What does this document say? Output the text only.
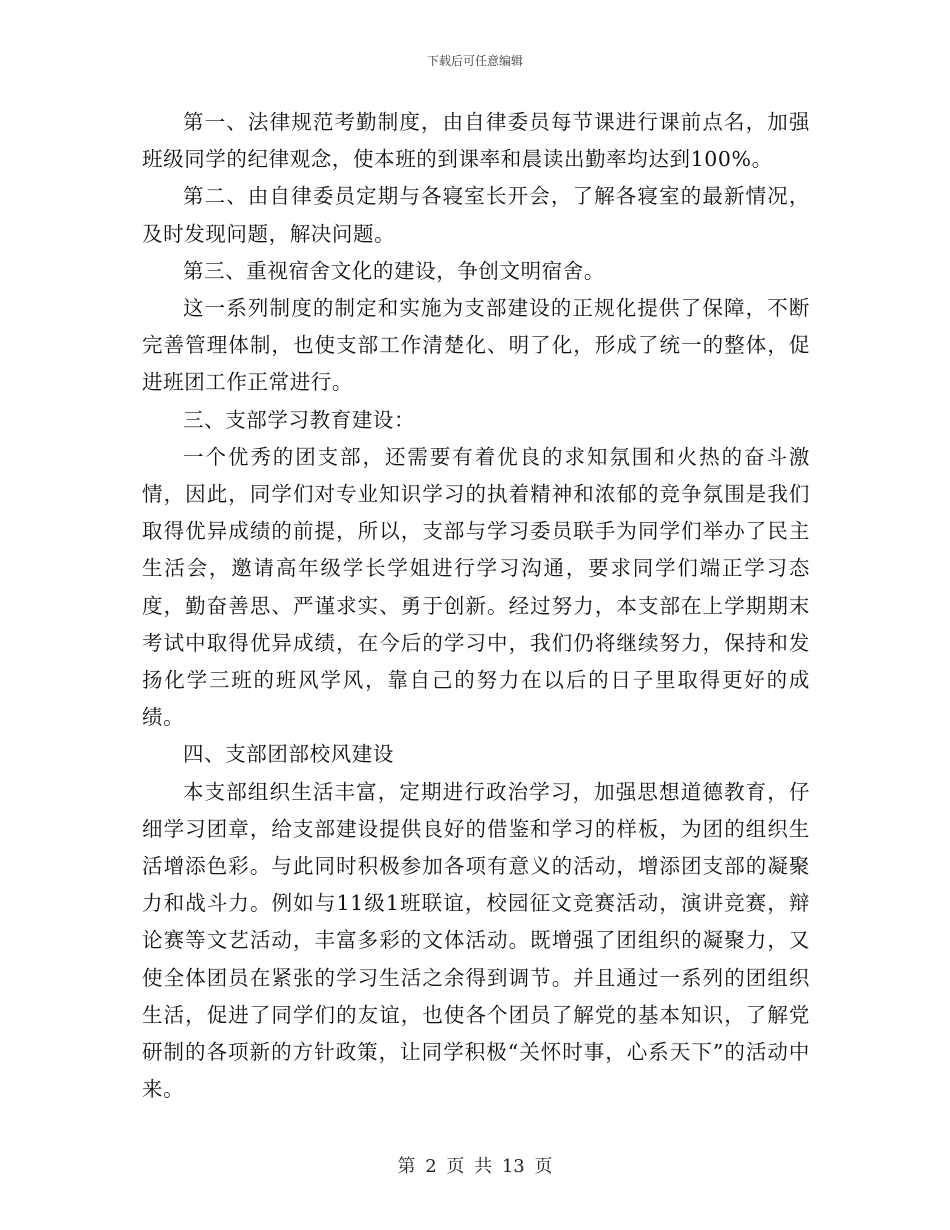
下载后可任意编辑

第一、法律规范考勤制度，由自律委员每节课进行课前点名，加强班级同学的纪律观念，使本班的到课率和晨读出勤率均达到100%。

第二、由自律委员定期与各寝室长开会，了解各寝室的最新情况，及时发现问题，解决问题。

第三、重视宿舍文化的建设，争创文明宿舍。

这一系列制度的制定和实施为支部建设的正规化提供了保障，不断完善管理体制，也使支部工作清楚化、明了化，形成了统一的整体，促进班团工作正常进行。

三、支部学习教育建设：

一个优秀的团支部，还需要有着优良的求知氛围和火热的奋斗激情，因此，同学们对专业知识学习的执着精神和浓郁的竞争氛围是我们取得优异成绩的前提，所以，支部与学习委员联手为同学们举办了民主生活会，邀请高年级学长学姐进行学习沟通，要求同学们端正学习态度，勤奋善思、严谨求实、勇于创新。经过努力，本支部在上学期期末考试中取得优异成绩，在今后的学习中，我们仍将继续努力，保持和发扬化学三班的班风学风，靠自己的努力在以后的日子里取得更好的成绩。

四、支部团部校风建设

本支部组织生活丰富，定期进行政治学习，加强思想道德教育，仔细学习团章，给支部建设提供良好的借鉴和学习的样板，为团的组织生活增添色彩。与此同时积极参加各项有意义的活动，增添团支部的凝聚力和战斗力。例如与11级1班联谊，校园征文竞赛活动，演讲竞赛，辩论赛等文艺活动，丰富多彩的文体活动。既增强了团组织的凝聚力，又使全体团员在紧张的学习生活之余得到调节。并且通过一系列的团组织生活，促进了同学们的友谊，也使各个团员了解党的基本知识，了解党研制的各项新的方针政策，让同学积极“关怀时事，心系天下”的活动中来。

第 2 页 共 13 页
